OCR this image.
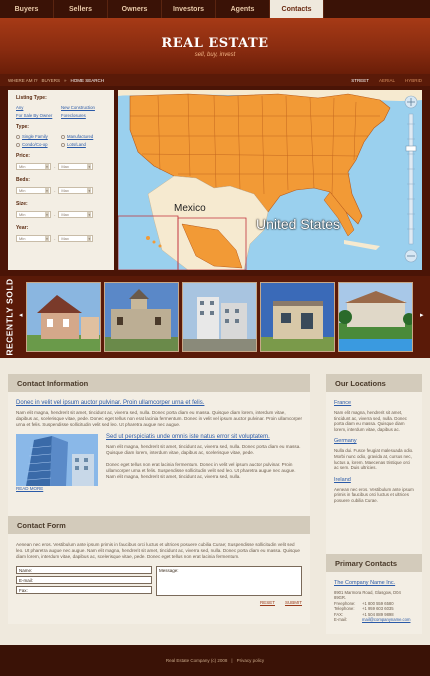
Buyers	Sellers	Owners	Investors	Agents	Contacts
REAL ESTATE
sell, buy, invest
WHERE AM I? BUYERS » HOME SEARCH	STREET AERIAL HYBRID
Listing Type:
Any	New Construction
For Sale By Owner	Foreclosures
Type:
Single Family	Manufactured
Condo/Co-op	Lots/Land
Price:
Min	▼ - Max	▼
Beds:
Min	▼ - Max	▼
Size:
Min	▼ - Max	▼
Year:
Min	▼ - Max	▼
Mexico
United States
RECENTLY SOLD ◂	▸
Contact Information
Donec in velit vel ipsum auctor pulvinar. Proin ullamcorper urna et felis.

Nam elit magna, hendrerit sit amet, tincidunt ac, viverra sed, nulla. Donec porta diam eu massa. Quisque diam lorem, interdum vitae, dapibus ac, scelerisque vitae, pede. Donec eget tellus non erat lacinia fermentum. Donec in velit vel ipsum auctor pulvinar. Proin ullamcorper urna et felis. Suspendisse sollicitudin velit sed leo. Ut pharetra augue nec augue.

Sed ut perspiciatis unde omnis iste natus error sit voluptatem.

Nam elit magna, hendrerit sit amet, tincidunt ac, viverra sed, nulla. Donec porta diam eu massa. Quisque diam lorem, interdum vitae, dapibus ac, scelerisque vitae, pede.

Donec eget tellus non erat lacinia fermentum. Donec in velit vel ipsum auctor pulvinar. Proin ullamcorper urna et felis. Suspendisse sollicitudin velit sed leo. Ut pharetra augue nec augue. Nam elit magna, hendrerit sit amet, tincidunt ac, viverra sed, nulla.

READ MORE
Contact Form

Aenean nec eros. Vestibulum ante ipsum primis in faucibus orci luctus et ultrices posuere cubilia Curae; Suspendisse sollicitudin velit sed leo. Ut pharetra augue nec augue. Nam elit magna, hendrerit sit amet, tincidunt ac, viverra sed, nulla. Donec porta diam eu massa. Quisque diam lorem, interdum vitae, dapibus ac, scelerisque vitae, pede. Donec eget tellus non erat lacinia fermentum.

Name:
E-mail:
Fax:
Message:
RESET SUBMIT
Our Locations
France

Nam elit magna, hendrerit sit amet, tincidunt ac, viverra sed, nulla. Donec porta diam eu massa. Quisque diam lorem, interdum vitae, dapibus ac.

Germany

Nulla dui. Fusce feugiat malesuada odio. Morbi nunc odio, gravida at, cursus nec, luctus a, lorem. Maecenas tristique orci ac sem. Duis ultricies.

Ireland

Aenean nec eros. Vestibulum ante ipsum primis in faucibus orci luctus et ultrices posuere cubilia Curae.

Primary Contacts
The Company Name Inc.
8901 Marmora Road, Glasgow, D04 89GR.
Freephone:	+1 800 559 6580
Telephone:	+1 959 603 6035
FAX:	+1 504 889 9898
E-mail:	mail@companyname.com
Real Estate Company (c) 2008 | Privacy policy
